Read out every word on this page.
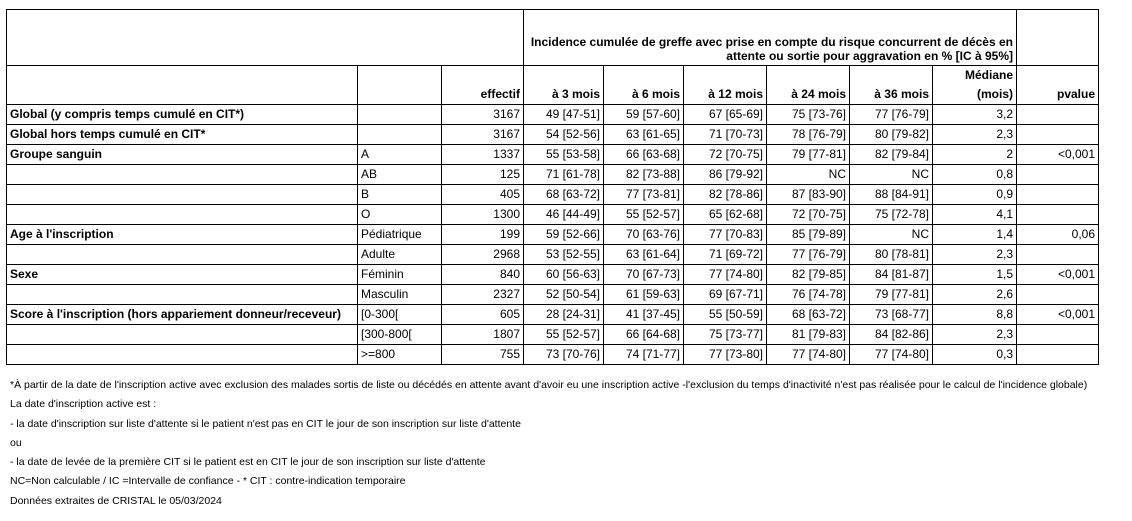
			Incidence cumulée de greffe avec prise en compte du risque concurrent de décès en attente ou sortie pour aggravation en % [IC à 95%]						
		effectif	à 3 mois	à 6 mois	à 12 mois	à 24 mois	à 36 mois	Médiane (mois)	pvalue
Global (y compris temps cumulé en CIT*)		3167	49 [47-51]	59 [57-60]	67 [65-69]	75 [73-76]	77 [76-79]	3,2	
Global hors temps cumulé en CIT*		3167	54 [52-56]	63 [61-65]	71 [70-73]	78 [76-79]	80 [79-82]	2,3	
Groupe sanguin	A	1337	55 [53-58]	66 [63-68]	72 [70-75]	79 [77-81]	82 [79-84]	2	<0,001
	AB	125	71 [61-78]	82 [73-88]	86 [79-92]	NC	NC	0,8	
	B	405	68 [63-72]	77 [73-81]	82 [78-86]	87 [83-90]	88 [84-91]	0,9	
	O	1300	46 [44-49]	55 [52-57]	65 [62-68]	72 [70-75]	75 [72-78]	4,1	
Age à l'inscription	Pédiatrique	199	59 [52-66]	70 [63-76]	77 [70-83]	85 [79-89]	NC	1,4	0,06
	Adulte	2968	53 [52-55]	63 [61-64]	71 [69-72]	77 [76-79]	80 [78-81]	2,3	
Sexe	Féminin	840	60 [56-63]	70 [67-73]	77 [74-80]	82 [79-85]	84 [81-87]	1,5	<0,001
	Masculin	2327	52 [50-54]	61 [59-63]	69 [67-71]	76 [74-78]	79 [77-81]	2,6	
Score à l'inscription (hors appariement donneur/receveur)	[0-300[	605	28 [24-31]	41 [37-45]	55 [50-59]	68 [63-72]	73 [68-77]	8,8	<0,001
	[300-800[	1807	55 [52-57]	66 [64-68]	75 [73-77]	81 [79-83]	84 [82-86]	2,3	
	>=800	755	73 [70-76]	74 [71-77]	77 [73-80]	77 [74-80]	77 [74-80]	0,3	
*À partir de la date de l'inscription active avec exclusion des malades sortis de liste ou décédés en attente avant d'avoir eu une inscription active -l'exclusion du temps d'inactivité n'est pas réalisée pour le calcul de l'incidence globale)
La date d'inscription active est :
- la date d'inscription sur liste d'attente si le patient n'est pas en CIT le jour de son inscription sur liste d'attente
ou
- la date de levée de la première CIT si le patient est en CIT le jour de son inscription sur liste d'attente
NC=Non calculable / IC =Intervalle de confiance - * CIT : contre-indication temporaire
Données extraites de CRISTAL le 05/03/2024
